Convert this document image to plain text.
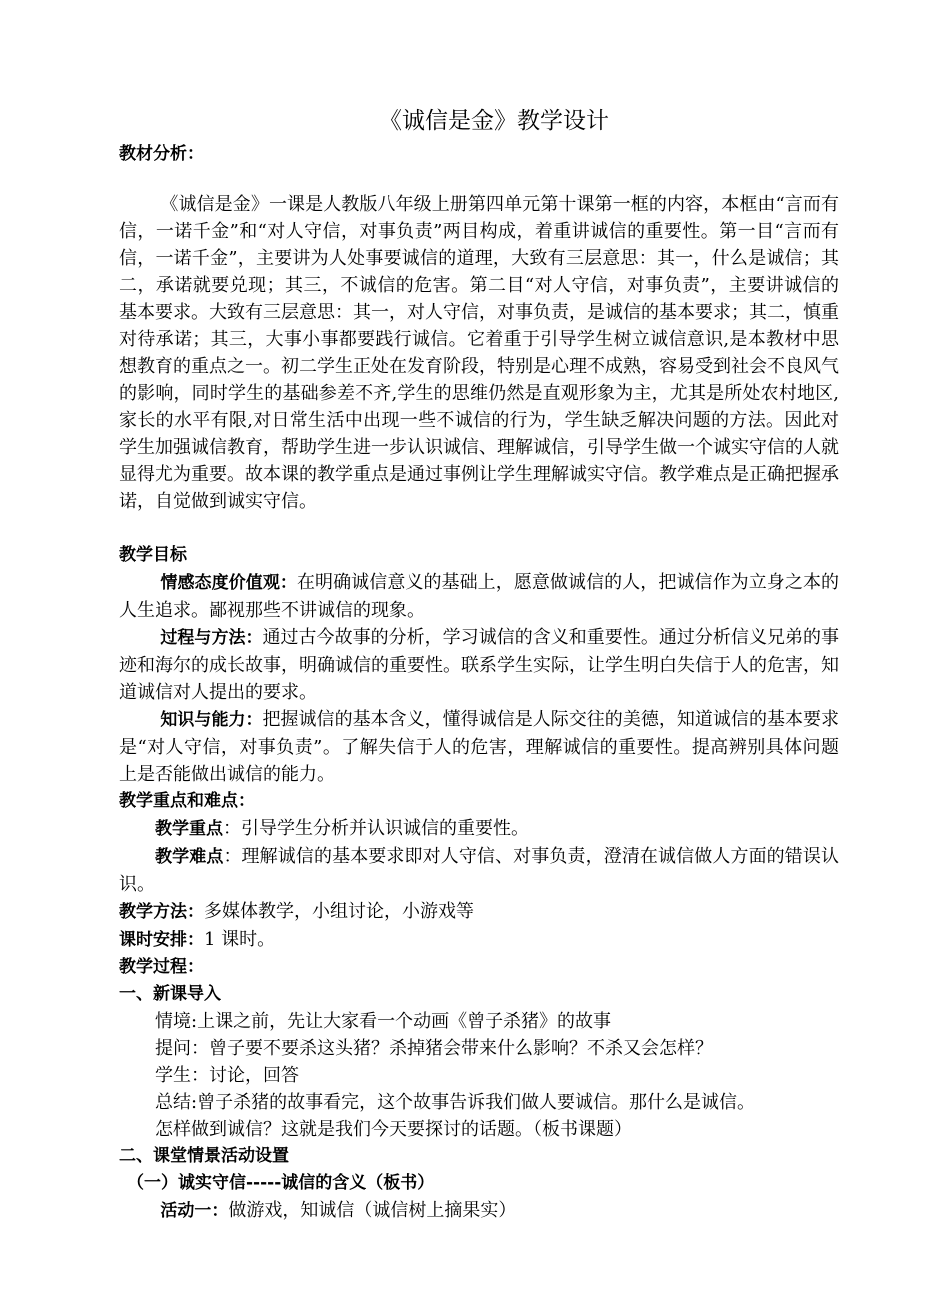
《诚信是金》教学设计
教材分析：
《诚信是金》一课是人教版八年级上册第四单元第十课第一框的内容，本框由“言而有信，一诺千金”和“对人守信，对事负责”两目构成，着重讲诚信的重要性。第一目“言而有信，一诺千金”，主要讲为人处事要诚信的道理，大致有三层意思：其一，什么是诚信；其二，承诺就要兑现；其三，不诚信的危害。第二目“对人守信，对事负责”，主要讲诚信的基本要求。大致有三层意思：其一，对人守信，对事负责，是诚信的基本要求；其二，慎重对待承诺；其三，大事小事都要践行诚信。它着重于引导学生树立诚信意识,是本教材中思想教育的重点之一。初二学生正处在发育阶段，特别是心理不成熟，容易受到社会不良风气的影响，同时学生的基础参差不齐,学生的思维仍然是直观形象为主，尤其是所处农村地区,家长的水平有限,对日常生活中出现一些不诚信的行为，学生缺乏解决问题的方法。因此对学生加强诚信教育，帮助学生进一步认识诚信、理解诚信，引导学生做一个诚实守信的人就显得尤为重要。故本课的教学重点是通过事例让学生理解诚实守信。教学难点是正确把握承诺，自觉做到诚实守信。
教学目标
情感态度价值观：在明确诚信意义的基础上，愿意做诚信的人，把诚信作为立身之本的人生追求。鄙视那些不讲诚信的现象。
过程与方法：通过古今故事的分析，学习诚信的含义和重要性。通过分析信义兄弟的事迹和海尔的成长故事，明确诚信的重要性。联系学生实际，让学生明白失信于人的危害，知道诚信对人提出的要求。
知识与能力：把握诚信的基本含义，懂得诚信是人际交往的美德，知道诚信的基本要求是“对人守信，对事负责”。了解失信于人的危害，理解诚信的重要性。提高辨别具体问题上是否能做出诚信的能力。
教学重点和难点：
教学重点：引导学生分析并认识诚信的重要性。
教学难点：理解诚信的基本要求即对人守信、对事负责，澄清在诚信做人方面的错误认识。
教学方法：多媒体教学，小组讨论，小游戏等
课时安排：1 课时。
教学过程：
一、新课导入
情境:上课之前，先让大家看一个动画《曾子杀猪》的故事
提问：曾子要不要杀这头猪？杀掉猪会带来什么影响？不杀又会怎样？
学生：讨论，回答
总结:曾子杀猪的故事看完，这个故事告诉我们做人要诚信。那什么是诚信。
怎样做到诚信？这就是我们今天要探讨的话题。（板书课题）
二、课堂情景活动设置
（一）诚实守信-----诚信的含义（板书）
活动一：做游戏，知诚信（诚信树上摘果实）
